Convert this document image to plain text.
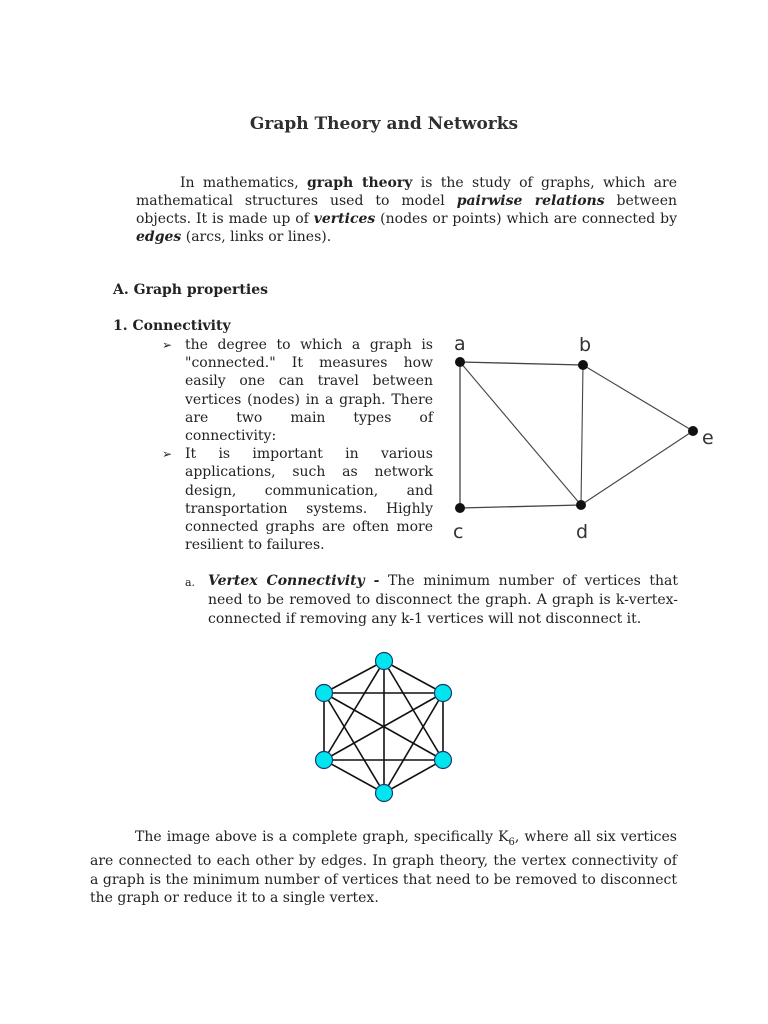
Graph Theory and Networks
In mathematics, graph theory is the study of graphs, which are mathematical structures used to model pairwise relations between objects. It is made up of vertices (nodes or points) which are connected by edges (arcs, links or lines).
A. Graph properties
1. Connectivity
➢ the degree to which a graph is "connected." It measures how easily one can travel between vertices (nodes) in a graph. There are two main types of connectivity:
➢ It is important in various applications, such as network design, communication, and transportation systems. Highly connected graphs are often more resilient to failures.
a	b
c	d
e
a. Vertex Connectivity - The minimum number of vertices that need to be removed to disconnect the graph. A graph is k-vertex-connected if removing any k-1 vertices will not disconnect it.
The image above is a complete graph, specifically $K_6$, where all six vertices are connected to each other by edges. In graph theory, the vertex connectivity of a graph is the minimum number of vertices that need to be removed to disconnect the graph or reduce it to a single vertex.
